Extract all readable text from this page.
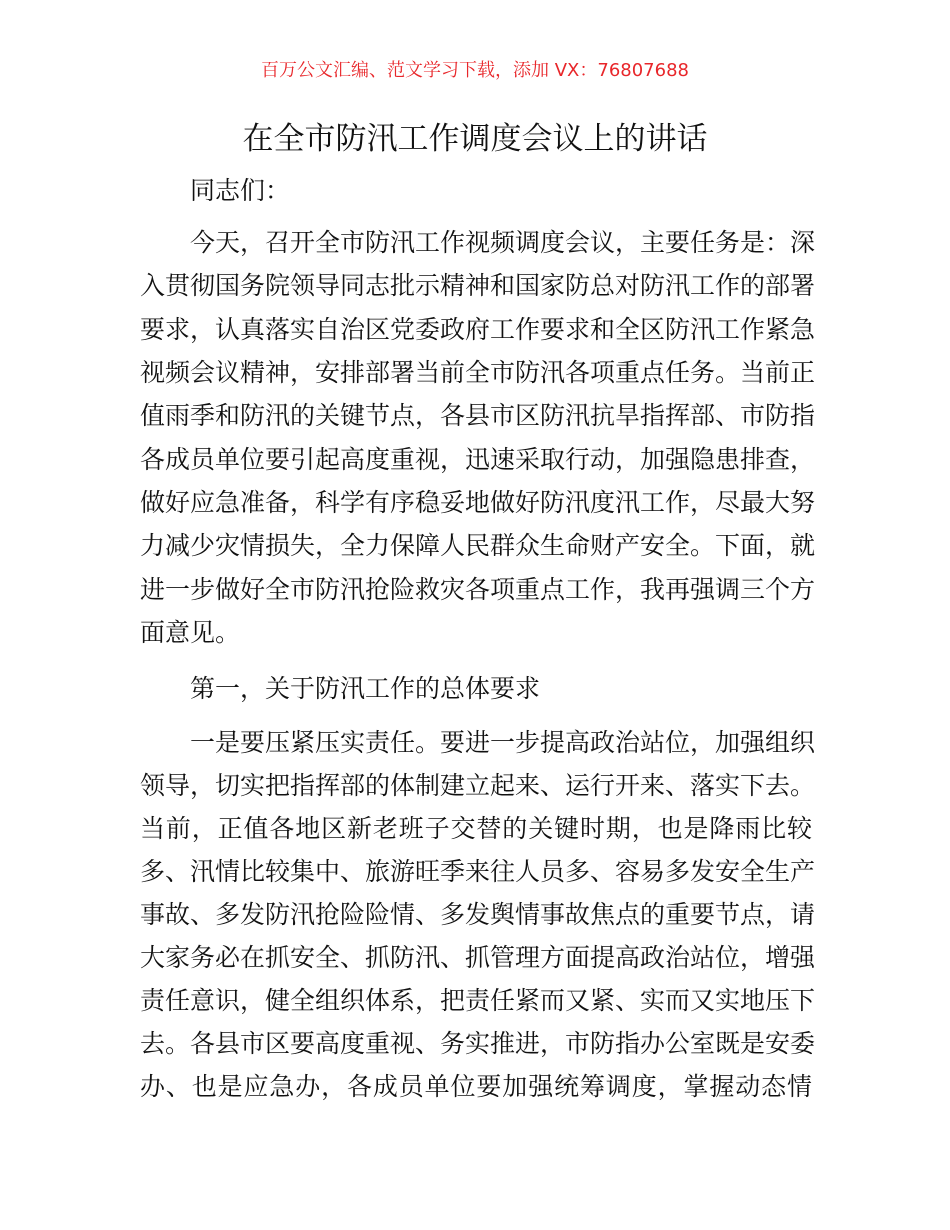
百万公文汇编、范文学习下载，添加 VX：76807688
在全市防汛工作调度会议上的讲话
同志们：
今天，召开全市防汛工作视频调度会议，主要任务是：深
入贯彻国务院领导同志批示精神和国家防总对防汛工作的部署
要求，认真落实自治区党委政府工作要求和全区防汛工作紧急
视频会议精神，安排部署当前全市防汛各项重点任务。当前正
值雨季和防汛的关键节点，各县市区防汛抗旱指挥部、市防指
各成员单位要引起高度重视，迅速采取行动，加强隐患排查，
做好应急准备，科学有序稳妥地做好防汛度汛工作，尽最大努
力减少灾情损失，全力保障人民群众生命财产安全。下面，就
进一步做好全市防汛抢险救灾各项重点工作，我再强调三个方
面意见。
第一，关于防汛工作的总体要求
一是要压紧压实责任。要进一步提高政治站位，加强组织
领导，切实把指挥部的体制建立起来、运行开来、落实下去。
当前，正值各地区新老班子交替的关键时期，也是降雨比较
多、汛情比较集中、旅游旺季来往人员多、容易多发安全生产
事故、多发防汛抢险险情、多发舆情事故焦点的重要节点，请
大家务必在抓安全、抓防汛、抓管理方面提高政治站位，增强
责任意识，健全组织体系，把责任紧而又紧、实而又实地压下
去。各县市区要高度重视、务实推进，市防指办公室既是安委
办、也是应急办，各成员单位要加强统筹调度，掌握动态情
